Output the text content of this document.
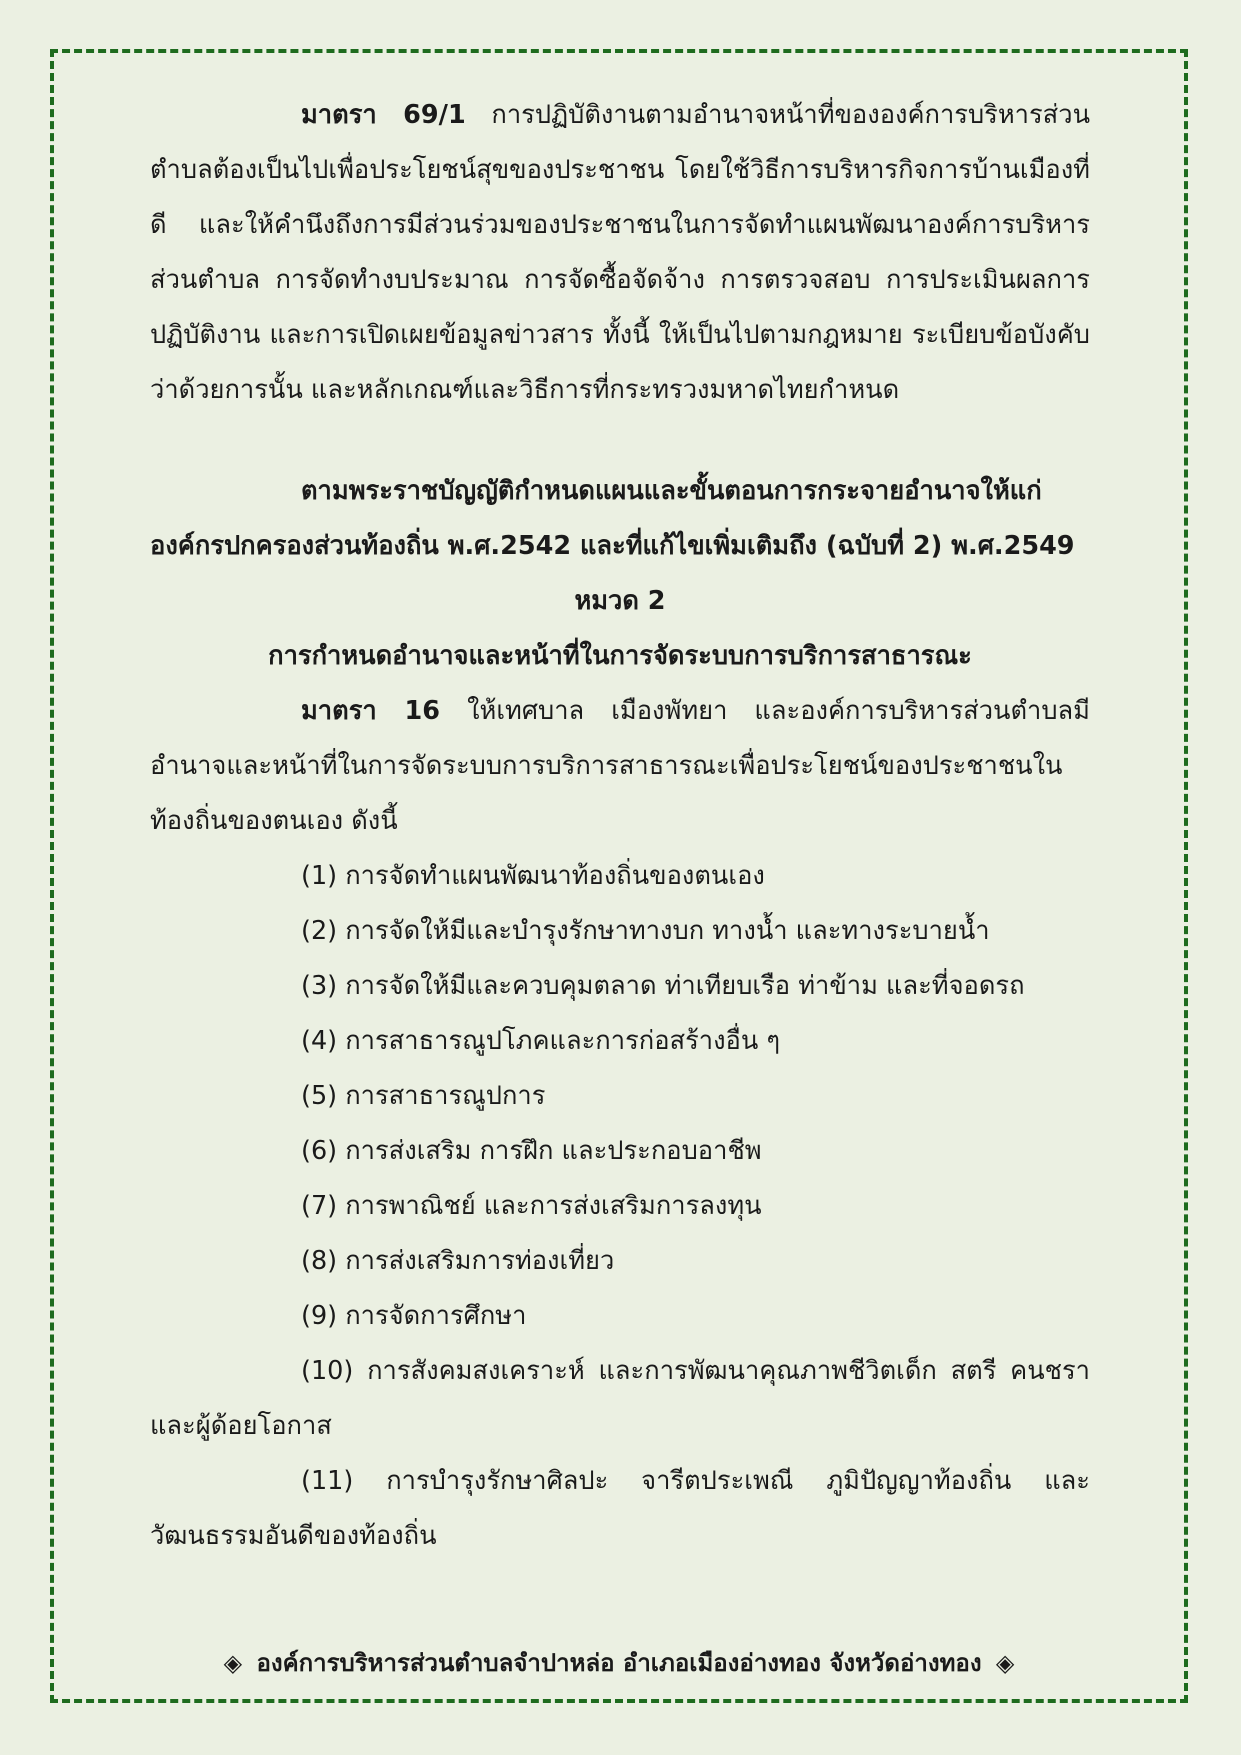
มาตรา 69/1 การปฏิบัติงานตามอำนาจหน้าที่ขององค์การบริหารส่วนตำบลต้องเป็นไปเพื่อประโยชน์สุขของประชาชน โดยใช้วิธีการบริหารกิจการบ้านเมืองที่ดี และให้คำนึงถึงการมีส่วนร่วมของประชาชนในการจัดทำแผนพัฒนาองค์การบริหารส่วนตำบล การจัดทำงบประมาณ การจัดซื้อจัดจ้าง การตรวจสอบ การประเมินผลการปฏิบัติงาน และการเปิดเผยข้อมูลข่าวสาร ทั้งนี้ ให้เป็นไปตามกฎหมาย ระเบียบข้อบังคับว่าด้วยการนั้น และหลักเกณฑ์และวิธีการที่กระทรวงมหาดไทยกำหนด

ตามพระราชบัญญัติกำหนดแผนและขั้นตอนการกระจายอำนาจให้แก่องค์กรปกครองส่วนท้องถิ่น พ.ศ.2542 และที่แก้ไขเพิ่มเติมถึง (ฉบับที่ 2) พ.ศ.2549

หมวด 2

การกำหนดอำนาจและหน้าที่ในการจัดระบบการบริการสาธารณะ

มาตรา 16 ให้เทศบาล เมืองพัทยา และองค์การบริหารส่วนตำบลมีอำนาจและหน้าที่ในการจัดระบบการบริการสาธารณะเพื่อประโยชน์ของประชาชนในท้องถิ่นของตนเอง ดังนี้

(1) การจัดทำแผนพัฒนาท้องถิ่นของตนเอง

(2) การจัดให้มีและบำรุงรักษาทางบก ทางน้ำ และทางระบายน้ำ

(3) การจัดให้มีและควบคุมตลาด ท่าเทียบเรือ ท่าข้าม และที่จอดรถ

(4) การสาธารณูปโภคและการก่อสร้างอื่น ๆ

(5) การสาธารณูปการ

(6) การส่งเสริม การฝึก และประกอบอาชีพ

(7) การพาณิชย์ และการส่งเสริมการลงทุน

(8) การส่งเสริมการท่องเที่ยว

(9) การจัดการศึกษา

(10) การสังคมสงเคราะห์ และการพัฒนาคุณภาพชีวิตเด็ก สตรี คนชราและผู้ด้อยโอกาส

(11) การบำรุงรักษาศิลปะ จารีตประเพณี ภูมิปัญญาท้องถิ่น และวัฒนธรรมอันดีของท้องถิ่น

◈ องค์การบริหารส่วนตำบลจำปาหล่อ อำเภอเมืองอ่างทอง จังหวัดอ่างทอง ◈
